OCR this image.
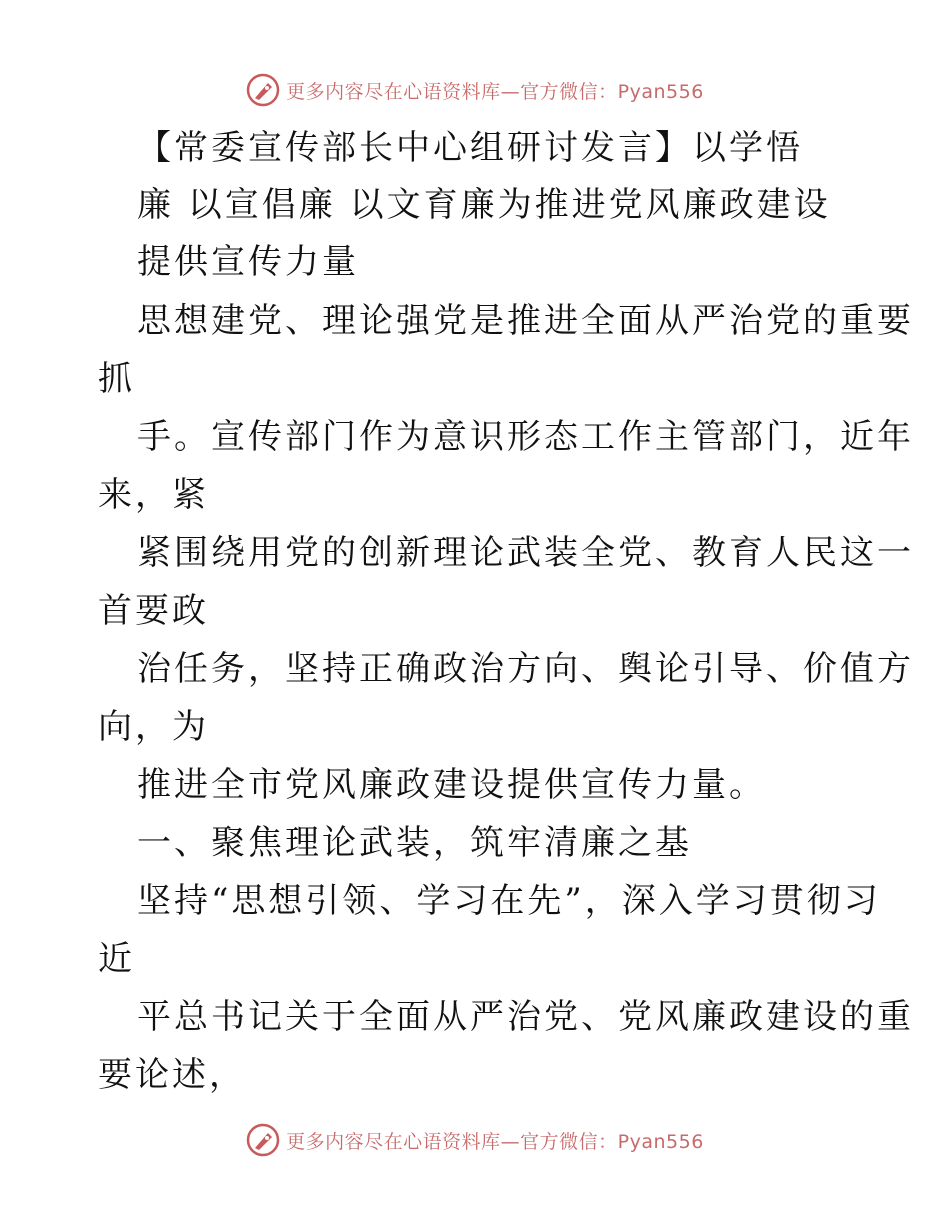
更多内容尽在心语资料库—官方微信：Pyan556
【常委宣传部长中心组研讨发言】以学悟
廉 以宣倡廉 以文育廉为推进党风廉政建设
提供宣传力量
思想建党、理论强党是推进全面从严治党的重要
抓
手。宣传部门作为意识形态工作主管部门，近年
来，紧
紧围绕用党的创新理论武装全党、教育人民这一
首要政
治任务，坚持正确政治方向、舆论引导、价值方
向，为
推进全市党风廉政建设提供宣传力量。
一、聚焦理论武装，筑牢清廉之基
坚持“思想引领、学习在先”，深入学习贯彻习
近
平总书记关于全面从严治党、党风廉政建设的重
要论述，
更多内容尽在心语资料库—官方微信：Pyan556
